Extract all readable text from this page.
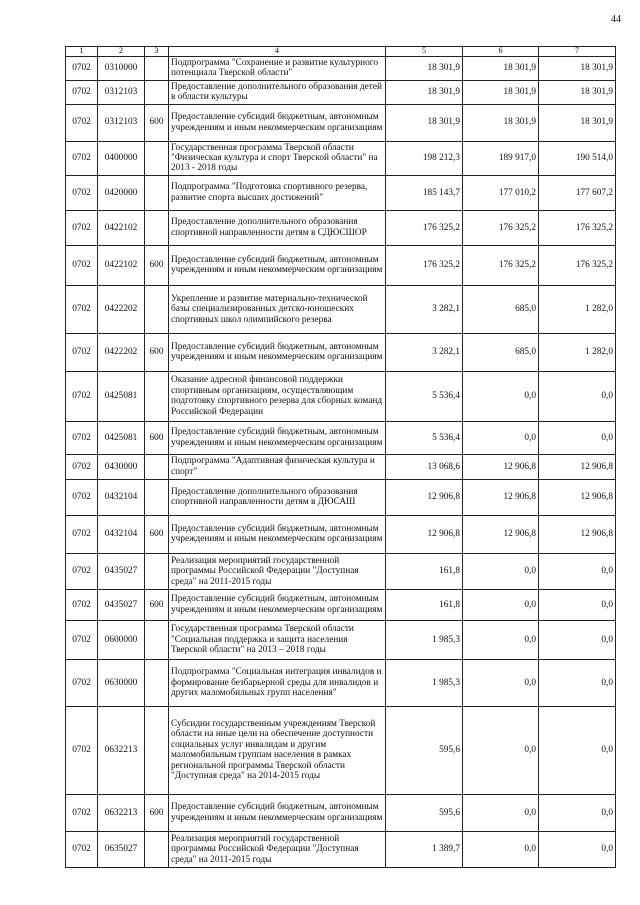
44
1	2	3	4	5	6	7
0702	0310000		Подпрограмма "Сохранение и развитие культурного потенциала Тверской области"	18 301,9	18 301,9	18 301,9
0702	0312103		Предоставление дополнительного образования детей в области культуры	18 301,9	18 301,9	18 301,9
0702	0312103	600	Предоставление субсидий бюджетным, автономным учреждениям и иным некоммерческим организациям	18 301,9	18 301,9	18 301,9
0702	0400000		Государственная программа Тверской области "Физическая культура и спорт Тверской области" на 2013 - 2018 годы	198 212,3	189 917,0	190 514,0
0702	0420000		Подпрограмма "Подготовка спортивного резерва, развитие спорта высших достижений"	185 143,7	177 010,2	177 607,2
0702	0422102		Предоставление дополнительного образования спортивной направленности детям в СДЮСШОР	176 325,2	176 325,2	176 325,2
0702	0422102	600	Предоставление субсидий бюджетным, автономным учреждениям и иным некоммерческим организациям	176 325,2	176 325,2	176 325,2
0702	0422202		Укрепление и развитие материально-технической базы специализированных детско-юношеских спортивных школ олимпийского резерва	3 282,1	685,0	1 282,0
0702	0422202	600	Предоставление субсидий бюджетным, автономным учреждениям и иным некоммерческим организациям	3 282,1	685,0	1 282,0
0702	0425081		Оказание адресной финансовой поддержки спортивным организациям, осуществляющим подготовку спортивного резерва для сборных команд Российской Федерации	5 536,4	0,0	0,0
0702	0425081	600	Предоставление субсидий бюджетным, автономным учреждениям и иным некоммерческим организациям	5 536,4	0,0	0,0
0702	0430000		Подпрограмма "Адаптивная физическая культура и спорт"	13 068,6	12 906,8	12 906,8
0702	0432104		Предоставление дополнительного образования спортивной направленности детям в ДЮСАШ	12 906,8	12 906,8	12 906,8
0702	0432104	600	Предоставление субсидий бюджетным, автономным учреждениям и иным некоммерческим организациям	12 906,8	12 906,8	12 906,8
0702	0435027		Реализация мероприятий государственной программы Российской Федерации "Доступная среда" на 2011-2015 годы	161,8	0,0	0,0
0702	0435027	600	Предоставление субсидий бюджетным, автономным учреждениям и иным некоммерческим организациям	161,8	0,0	0,0
0702	0600000		Государственная программа Тверской области "Социальная поддержка и защита населения Тверской области" на 2013 – 2018 годы	1 985,3	0,0	0,0
0702	0630000		Подпрограмма "Социальная интеграция инвалидов и формирование безбарьерной среды для инвалидов и других маломобильных групп населения"	1 985,3	0,0	0,0
0702	0632213		Субсидии государственным учреждениям Тверской области на иные цели на обеспечение доступности социальных услуг инвалидам и другим маломобильным группам населения в рамках региональной программы Тверской области "Доступная среда" на 2014-2015 годы	595,6	0,0	0,0
0702	0632213	600	Предоставление субсидий бюджетным, автономным учреждениям и иным некоммерческим организациям	595,6	0,0	0,0
0702	0635027		Реализация мероприятий государственной программы Российской Федерации "Доступная среда" на 2011-2015 годы	1 389,7	0,0	0,0
